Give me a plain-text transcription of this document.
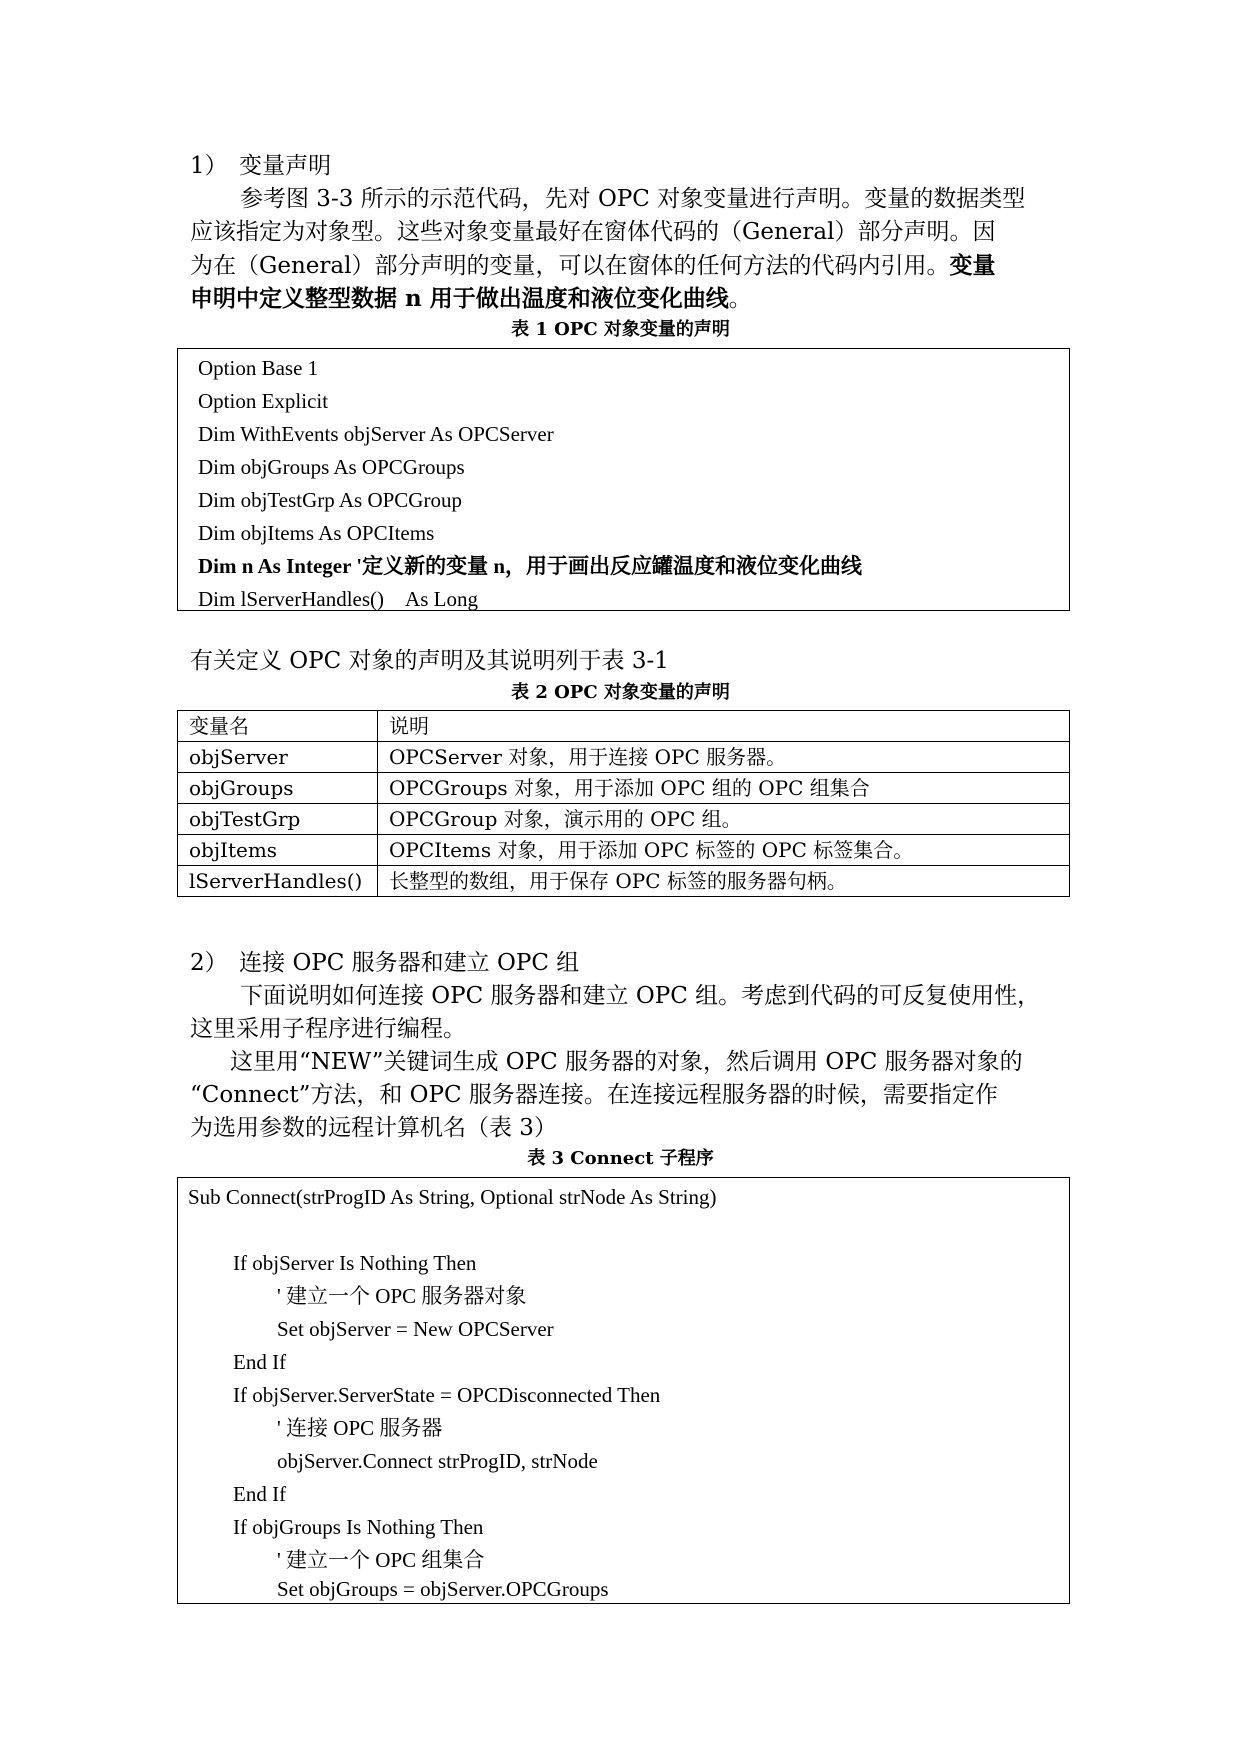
1）　变量声明
参考图 3-3 所示的示范代码，先对 OPC 对象变量进行声明。变量的数据类型
应该指定为对象型。这些对象变量最好在窗体代码的（General）部分声明。因
为在（General）部分声明的变量，可以在窗体的任何方法的代码内引用。变量
申明中定义整型数据 n 用于做出温度和液位变化曲线。
表 1 OPC 对象变量的声明
Option Base 1
Option Explicit
Dim WithEvents objServer As OPCServer
Dim objGroups As OPCGroups
Dim objTestGrp As OPCGroup
Dim objItems As OPCItems
Dim n As Integer '定义新的变量 n，用于画出反应罐温度和液位变化曲线
Dim lServerHandles()　As Long
有关定义 OPC 对象的声明及其说明列于表 3-1
表 2 OPC 对象变量的声明
变量名	说明
objServer	OPCServer 对象，用于连接 OPC 服务器。
objGroups	OPCGroups 对象，用于添加 OPC 组的 OPC 组集合
objTestGrp	OPCGroup 对象，演示用的 OPC 组。
objItems	OPCItems 对象，用于添加 OPC 标签的 OPC 标签集合。
lServerHandles()	长整型的数组，用于保存 OPC 标签的服务器句柄。
2）　连接 OPC 服务器和建立 OPC 组
下面说明如何连接 OPC 服务器和建立 OPC 组。考虑到代码的可反复使用性，
这里采用子程序进行编程。
这里用“NEW”关键词生成 OPC 服务器的对象，然后调用 OPC 服务器对象的
“Connect”方法，和 OPC 服务器连接。在连接远程服务器的时候，需要指定作
为选用参数的远程计算机名（表 3）
表 3 Connect 子程序
Sub Connect(strProgID As String, Optional strNode As String)
If objServer Is Nothing Then
' 建立一个 OPC 服务器对象
Set objServer = New OPCServer
End If
If objServer.ServerState = OPCDisconnected Then
' 连接 OPC 服务器
objServer.Connect strProgID, strNode
End If
If objGroups Is Nothing Then
' 建立一个 OPC 组集合
Set objGroups = objServer.OPCGroups
